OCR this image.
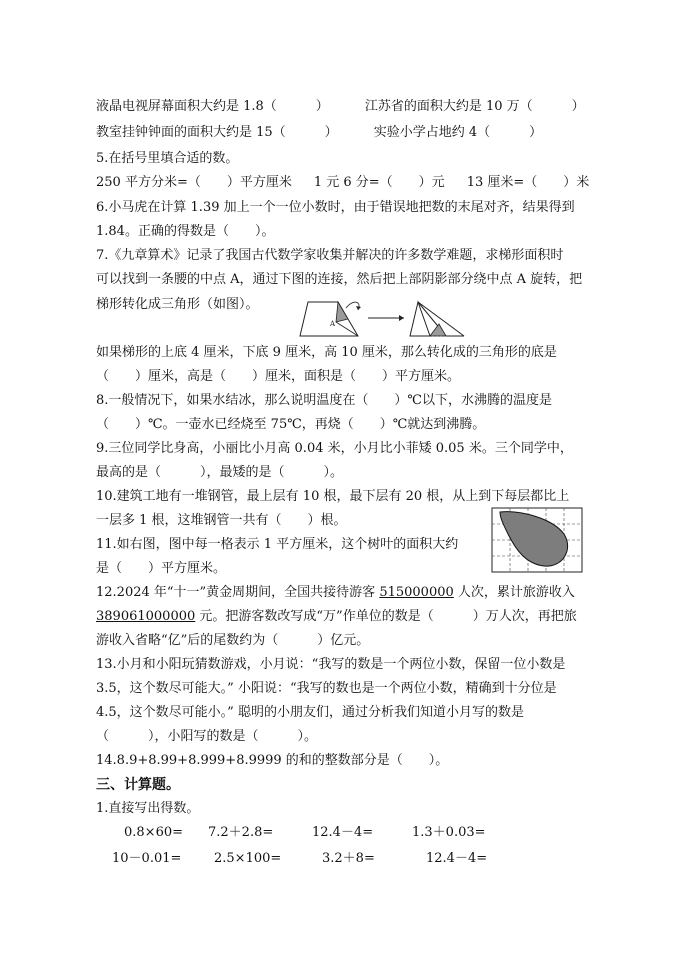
液晶电视屏幕面积大约是 1.8（　　　）	江苏省的面积大约是 10 万（　　　）
教室挂钟钟面的面积大约是 15（　　　）	实验小学占地约 4（　　　）
5.在括号里填合适的数。
250 平方分米=（　　）平方厘米 1 元 6 分=（　　）元 13 厘米=（　　）米
6.小马虎在计算 1.39 加上一个一位小数时，由于错误地把数的末尾对齐，结果得到
1.84。正确的得数是（　　）。
7.《九章算术》记录了我国古代数学家收集并解决的许多数学难题，求梯形面积时
可以找到一条腰的中点 A，通过下图的连接，然后把上部阴影部分绕中点 A 旋转，把
梯形转化成三角形（如图）。
A
如果梯形的上底 4 厘米，下底 9 厘米，高 10 厘米，那么转化成的三角形的底是
（　　）厘米，高是（　　）厘米，面积是（　　）平方厘米。
8.一般情况下，如果水结冰，那么说明温度在（　　）℃以下，水沸腾的温度是
（　　）℃。一壶水已经烧至 75℃，再烧（　　）℃就达到沸腾。
9.三位同学比身高，小丽比小月高 0.04 米，小月比小菲矮 0.05 米。三个同学中，
最高的是（　　　），最矮的是（　　　）。
10.建筑工地有一堆钢管，最上层有 10 根，最下层有 20 根，从上到下每层都比上
一层多 1 根，这堆钢管一共有（　　）根。
11.如右图，图中每一格表示 1 平方厘米，这个树叶的面积大约
是（　　）平方厘米。
12.2024 年“十一”黄金周期间，全国共接待游客 515000000 人次，累计旅游收入
389061000000 元。把游客数改写成“万”作单位的数是（　　　）万人次，再把旅
游收入省略“亿”后的尾数约为（　　　）亿元。
13.小月和小阳玩猜数游戏，小月说：“我写的数是一个两位小数，保留一位小数是
3.5，这个数尽可能大。” 小阳说：“我写的数也是一个两位小数，精确到十分位是
4.5，这个数尽可能小。” 聪明的小朋友们，通过分析我们知道小月写的数是
（　　　），小阳写的数是（　　　）。
14.8.9+8.99+8.999+8.9999 的和的整数部分是（　　）。
三、计算题。
1.直接写出得数。
0.8×60= 7.2＋2.8=	12.4－4=	1.3＋0.03=
10－0.01=	2.5×100=	3.2＋8=	12.4－4=
